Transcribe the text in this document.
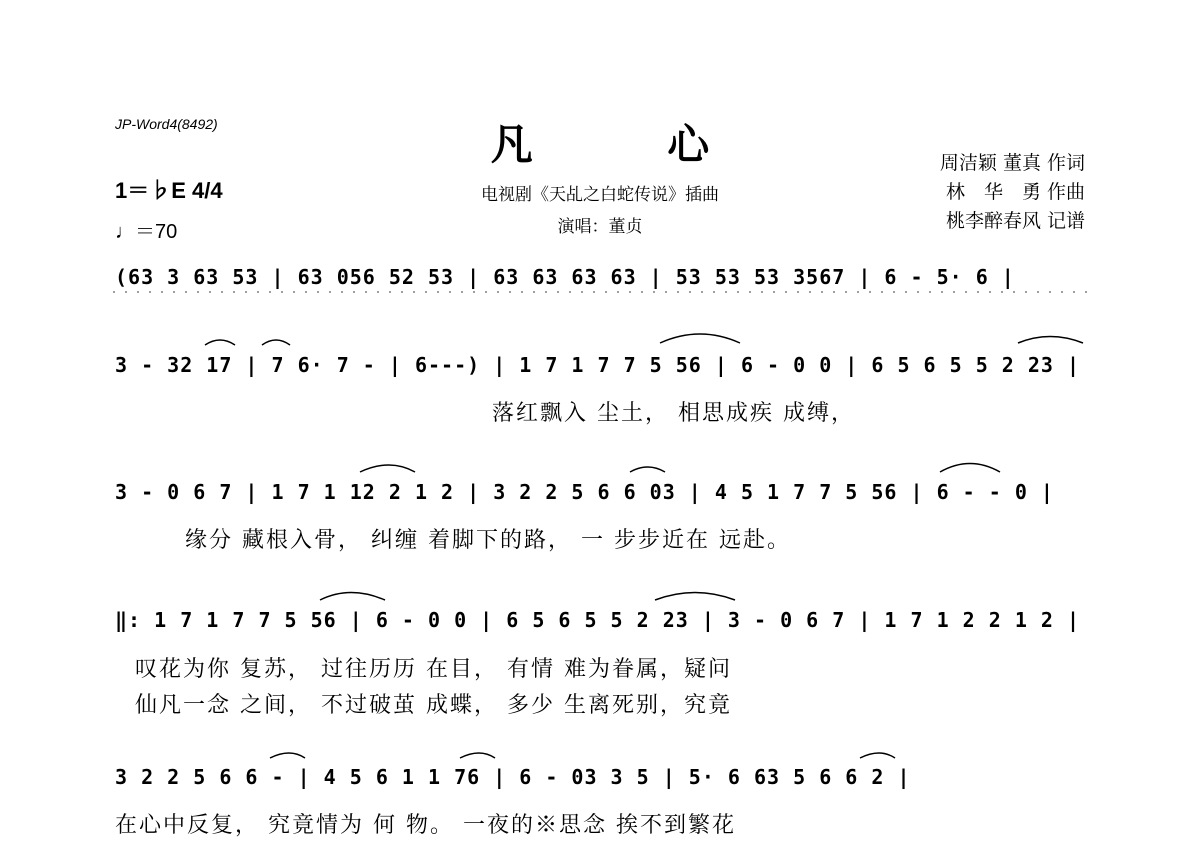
JP-Word4(8492)	凡 心
电视剧《天乩之白蛇传说》插曲
演唱：董贞
周洁颖 董真 作词
林　华　勇 作曲
桃李醉春风 记谱
1＝♭E 4/4
♩＝70
(63 3 63 53 | 63 056 52 53 | 63 63 63 63 | 53 53 53 3567 | 6 - 5· 6 |
3 - 32 17 | 7 6· 7 - | 6---) | 1 7 1 7 7 5 56 | 6 - 0 0 | 6 5 6 5 5 2 23 |
落红飘入 尘土， 相思成疾 成缚，
3 - 0 6 7 | 1 7 1 12 2 1 2 | 3 2 2 5 6 6 03 | 4 5 1 7 7 5 56 | 6 - - 0 |
缘分 藏根入骨， 纠缠 着脚下的路， 一 步步近在 远赴。
‖: 1 7 1 7 7 5 56 | 6 - 0 0 | 6 5 6 5 5 2 23 | 3 - 0 6 7 | 1 7 1 2 2 1 2 |
叹花为你 复苏， 过往历历 在目， 有情 难为眷属，疑问
仙凡一念 之间， 不过破茧 成蝶， 多少 生离死别，究竟
3 2 2 5 6 6 - | 4 5 6 1 1 76 | 6 - 03 3 5 | 5· 6 63 5 6 6 2 |
在心中反复， 究竟情为 何 物。 一夜的※思念 挨不到繁花
